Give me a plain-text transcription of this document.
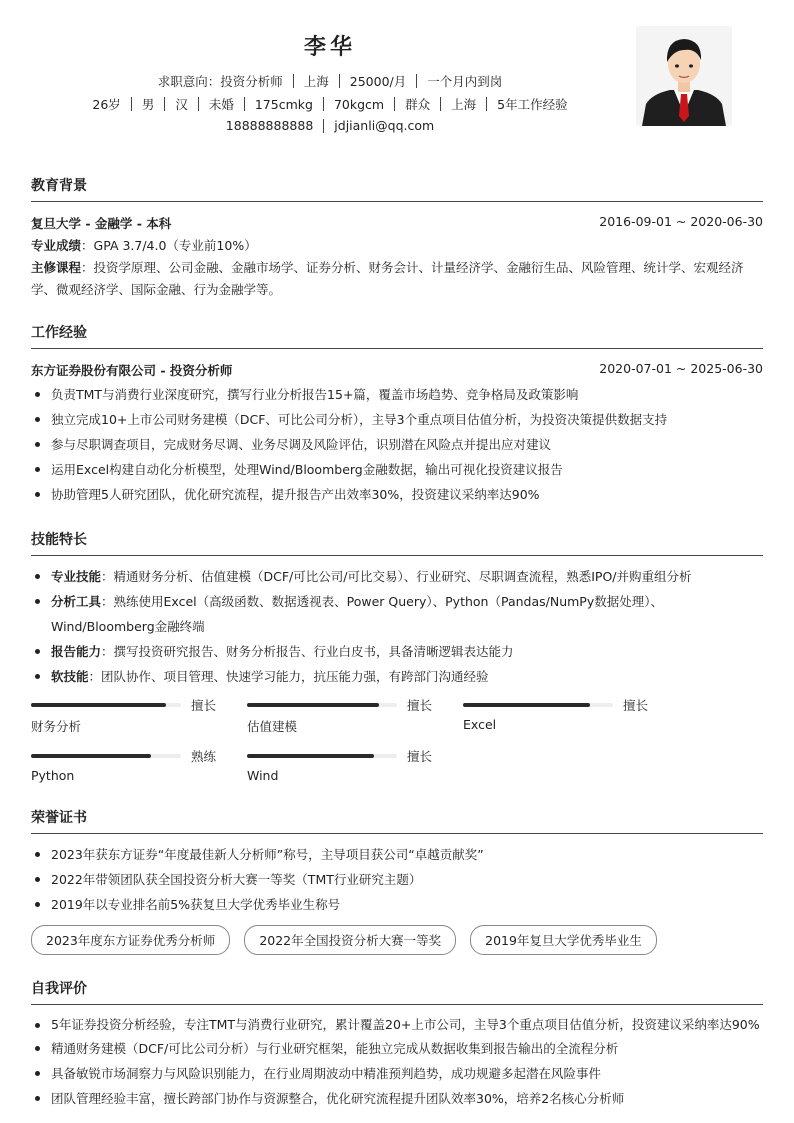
李华
求职意向：投资分析师 上海 25000/月 一个月内到岗
26岁 男 汉 未婚 175cmkg 70kgcm 群众 上海 5年工作经验
18888888888 jdjianli@qq.com
教育背景
复旦大学 - 金融学 - 本科	2016-09-01 ~ 2020-06-30
专业成绩：GPA 3.7/4.0（专业前10%）
主修课程：投资学原理、公司金融、金融市场学、证券分析、财务会计、计量经济学、金融衍生品、风险管理、统计学、宏观经济学、微观经济学、国际金融、行为金融学等。
工作经验
东方证券股份有限公司 - 投资分析师	2020-07-01 ~ 2025-06-30
负责TMT与消费行业深度研究，撰写行业分析报告15+篇，覆盖市场趋势、竞争格局及政策影响
独立完成10+上市公司财务建模（DCF、可比公司分析），主导3个重点项目估值分析，为投资决策提供数据支持
参与尽职调查项目，完成财务尽调、业务尽调及风险评估，识别潜在风险点并提出应对建议
运用Excel构建自动化分析模型，处理Wind/Bloomberg金融数据，输出可视化投资建议报告
协助管理5人研究团队，优化研究流程，提升报告产出效率30%，投资建议采纳率达90%
技能特长
专业技能：精通财务分析、估值建模（DCF/可比公司/可比交易）、行业研究、尽职调查流程，熟悉IPO/并购重组分析
分析工具：熟练使用Excel（高级函数、数据透视表、Power Query）、Python（Pandas/NumPy数据处理）、Wind/Bloomberg金融终端
报告能力：撰写投资研究报告、财务分析报告、行业白皮书，具备清晰逻辑表达能力
软技能：团队协作、项目管理、快速学习能力，抗压能力强，有跨部门沟通经验
擅长
财务分析
擅长
估值建模
擅长
Excel
熟练
Python
擅长
Wind
荣誉证书
2023年获东方证券“年度最佳新人分析师”称号，主导项目获公司“卓越贡献奖”
2022年带领团队获全国投资分析大赛一等奖（TMT行业研究主题）
2019年以专业排名前5%获复旦大学优秀毕业生称号
2023年度东方证券优秀分析师	2022年全国投资分析大赛一等奖	2019年复旦大学优秀毕业生
自我评价
5年证券投资分析经验，专注TMT与消费行业研究，累计覆盖20+上市公司，主导3个重点项目估值分析，投资建议采纳率达90%
精通财务建模（DCF/可比公司分析）与行业研究框架，能独立完成从数据收集到报告输出的全流程分析
具备敏锐市场洞察力与风险识别能力，在行业周期波动中精准预判趋势，成功规避多起潜在风险事件
团队管理经验丰富，擅长跨部门协作与资源整合，优化研究流程提升团队效率30%，培养2名核心分析师
